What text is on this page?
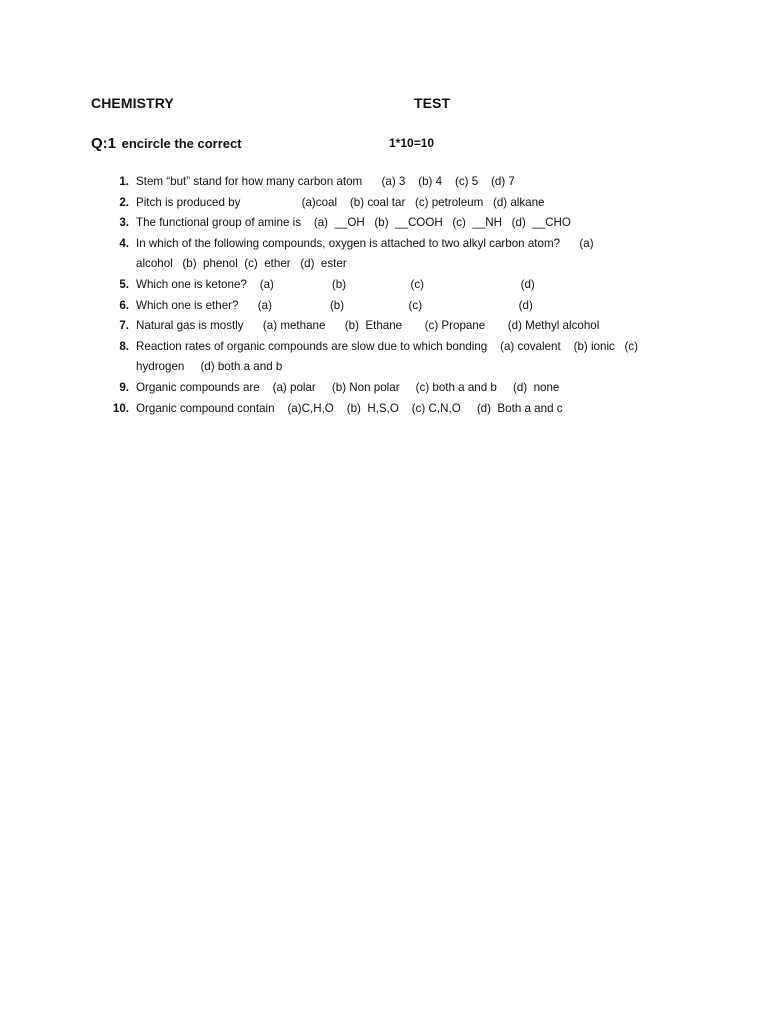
CHEMISTRY	TEST
Q:1 encircle the correct	1*10=10
1. Stem “but” stand for how many carbon atom      (a) 3    (b) 4    (c) 5    (d) 7
2. Pitch is produced by                   (a)coal    (b) coal tar   (c) petroleum   (d) alkane
3. The functional group of amine is    (a)  __OH   (b)  __COOH   (c)  __NH   (d)  __CHO
4. In which of the following compounds, oxygen is attached to two alkyl carbon atom?      (a)
alcohol   (b)  phenol  (c)  ether   (d)  ester
5. Which one is ketone?    (a)                  (b)                    (c)                              (d)
6. Which one is ether?      (a)                  (b)                    (c)                              (d)
7. Natural gas is mostly      (a) methane      (b)  Ethane       (c) Propane       (d) Methyl alcohol
8. Reaction rates of organic compounds are slow due to which bonding    (a) covalent    (b) ionic   (c)
hydrogen     (d) both a and b
9. Organic compounds are    (a) polar     (b) Non polar     (c) both a and b     (d)  none
10. Organic compound contain    (a)C,H,O    (b)  H,S,O    (c) C,N,O     (d)  Both a and c
